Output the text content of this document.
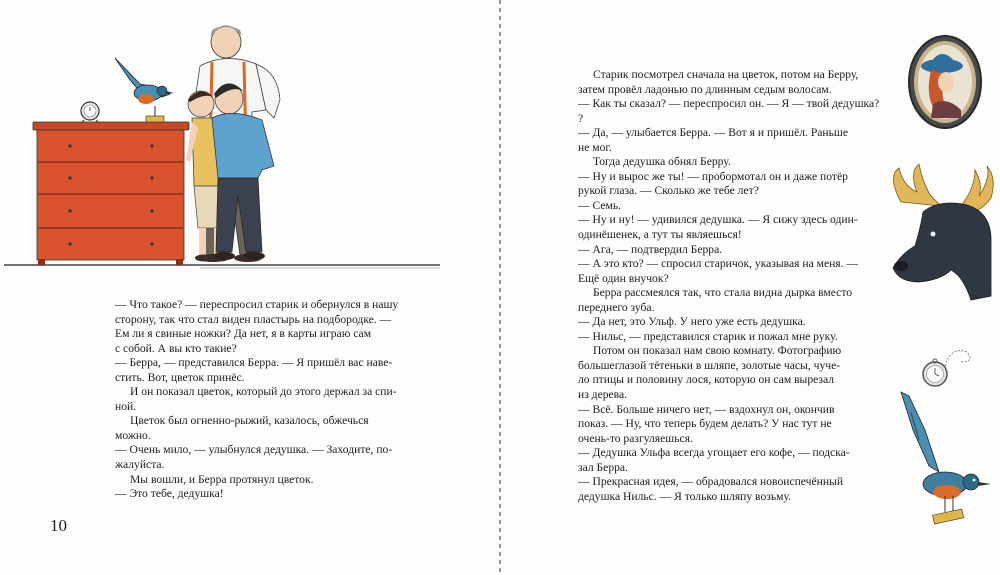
— Что такое? — переспросил старик и обернулся в нашу

сторону, так что стал виден пластырь на подбородке. —

Ем ли я свиные ножки? Да нет, я в карты играю сам

с собой. А вы кто такие?

— Берра, — представился Берра. — Я пришёл вас наве-

стить. Вот, цветок принёс.

И он показал цветок, который до этого держал за спи-

ной.

Цветок был огненно-рыжий, казалось, обжечься

можно.

— Очень мило, — улыбнулся дедушка. — Заходите, по-

жалуйста.

Мы вошли, и Берра протянул цветок.

— Это тебе, дедушка!

10

Старик посмотрел сначала на цветок, потом на Берру,

затем провёл ладонью по длинным седым волосам.

— Как ты сказал? — переспросил он. — Я — твой дедушка?

?

— Да, — улыбается Берра. — Вот я и пришёл. Раньше

не мог.

Тогда дедушка обнял Берру.

— Ну и вырос же ты! — пробормотал он и даже потёр

рукой глаза. — Сколько же тебе лет?

— Семь.

— Ну и ну! — удивился дедушка. — Я сижу здесь один-

одинёшенек, а тут ты являешься!

— Ага, — подтвердил Берра.

— А это кто? — спросил старичок, указывая на меня. —

Ещё один внучок?

Берра рассмеялся так, что стала видна дырка вместо

переднего зуба.

— Да нет, это Ульф. У него уже есть дедушка.

— Нильс, — представился старик и пожал мне руку.

Потом он показал нам свою комнату. Фотографию

большеглазой тётеньки в шляпе, золотые часы, чуче-

ло птицы и половину лося, которую он сам вырезал

из дерева.

— Всё. Больше ничего нет, — вздохнул он, окончив

показ. — Ну, что теперь будем делать? У нас тут не

очень-то разгуляешься.

— Дедушка Ульфа всегда угощает его кофе, — подска-

зал Берра.

— Прекрасная идея, — обрадовался новоиспечённый

дедушка Нильс. — Я только шляпу возьму.
